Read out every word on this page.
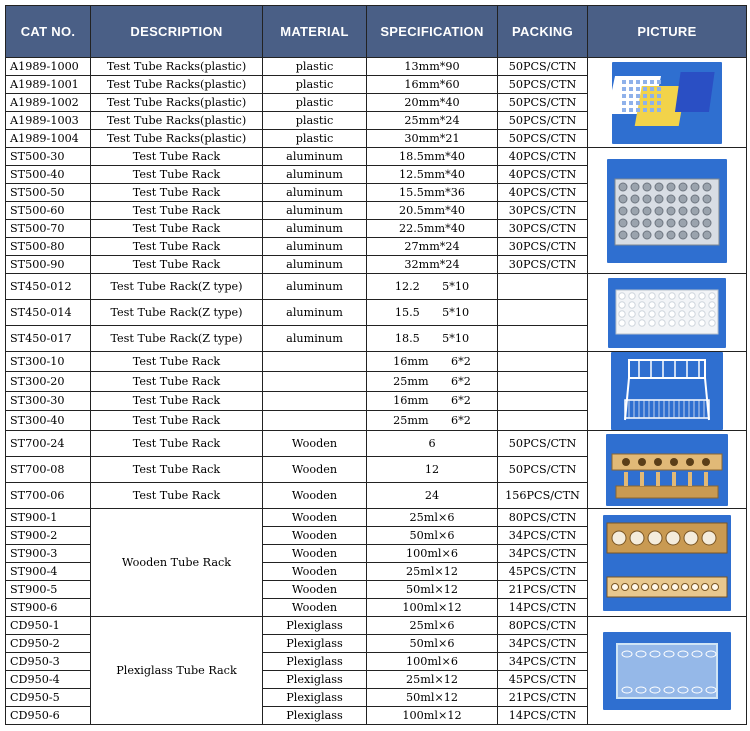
CAT NO.	DESCRIPTION	MATERIAL	SPECIFICATION	PACKING	PICTURE
A1989-1000	Test Tube Racks(plastic)	plastic	13mm*90	50PCS/CTN	

A1989-1001	Test Tube Racks(plastic)	plastic	16mm*60	50PCS/CTN	
A1989-1002	Test Tube Racks(plastic)	plastic	20mm*40	50PCS/CTN	
A1989-1003	Test Tube Racks(plastic)	plastic	25mm*24	50PCS/CTN	
A1989-1004	Test Tube Racks(plastic)	plastic	30mm*21	50PCS/CTN	
ST500-30	Test Tube Rack	aluminum	18.5mm*40	40PCS/CTN	

ST500-40	Test Tube Rack	aluminum	12.5mm*40	40PCS/CTN	
ST500-50	Test Tube Rack	aluminum	15.5mm*36	40PCS/CTN	
ST500-60	Test Tube Rack	aluminum	20.5mm*40	30PCS/CTN	
ST500-70	Test Tube Rack	aluminum	22.5mm*40	30PCS/CTN	
ST500-80	Test Tube Rack	aluminum	27mm*24	30PCS/CTN	
ST500-90	Test Tube Rack	aluminum	32mm*24	30PCS/CTN	
ST450-012	Test Tube Rack(Z type)	aluminum	12.2　　5*10		

ST450-014	Test Tube Rack(Z type)	aluminum	15.5　　5*10		
ST450-017	Test Tube Rack(Z type)	aluminum	18.5　　5*10		
ST300-10	Test Tube Rack		16mm　　6*2		

ST300-20	Test Tube Rack		25mm　　6*2		
ST300-30	Test Tube Rack		16mm　　6*2		
ST300-40	Test Tube Rack		25mm　　6*2		
ST700-24	Test Tube Rack	Wooden	6	50PCS/CTN	

ST700-08	Test Tube Rack	Wooden	12	50PCS/CTN	
ST700-06	Test Tube Rack	Wooden	24	156PCS/CTN	
ST900-1	Wooden Tube Rack	Wooden	25ml×6	80PCS/CTN	

ST900-2		Wooden	50ml×6	34PCS/CTN	
ST900-3		Wooden	100ml×6	34PCS/CTN	
ST900-4		Wooden	25ml×12	45PCS/CTN	
ST900-5		Wooden	50ml×12	21PCS/CTN	
ST900-6		Wooden	100ml×12	14PCS/CTN	
CD950-1	Plexiglass Tube Rack	Plexiglass	25ml×6	80PCS/CTN	

CD950-2		Plexiglass	50ml×6	34PCS/CTN	
CD950-3		Plexiglass	100ml×6	34PCS/CTN	
CD950-4		Plexiglass	25ml×12	45PCS/CTN	
CD950-5		Plexiglass	50ml×12	21PCS/CTN	
CD950-6		Plexiglass	100ml×12	14PCS/CTN	
